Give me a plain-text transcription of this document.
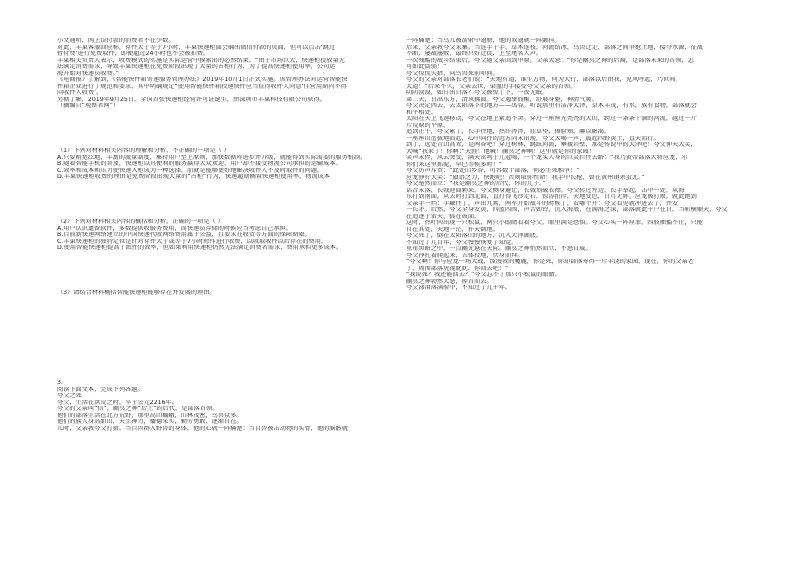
小文通明，网上误付款的消费者不在少数。

对此，丰巢客服回应称，存件大于等于7小时，丰巢快递柜面会确出微信付款的页面，但可以点击‘跳过

暂付费’进行免费取件，即便超过24小时也不会被扣费。

丰巢相关负责人表示，收费模式的实施是实际运营中摸索出的必然结果。“由于市场巨大，快递柜投放量无

法满足消费需求，导致丰巢快递柜在免费阶段出现了大量的占柜行为，为了提高快递柜使用率，公司运

海开始对快递员收费。”

《电商报》了解到，《智能快件箱寄递服务管理办法》2019年10月1日正式实施。该管理办法对运营智能快

件箱企业进行了规范和要求，其中明确规定“使用智能快件箱投递快件应当征得收件人同意‘佳营用期内不得

向收件人收费’。

另据了解，2019年9月25日，全国首张快递柜经营许可证诞生，由深圳市丰巢科技有限公司获得。

（摘编自“观察者网”）

（1）下列对材料相关内容的理解和分析，不正确的一项是（ ）

A.只要稍宽泛地，丰富的流量制度，集持用户至上原则，加快数据库进步并升级，就能得到实际需要的服务机制。

B.随着智能手机的普及，快递柜以其便利的服务赢得大众欢迎，用户却不接受物流公司承担的运输成本。

C.效率和成本和压力使快递入柜成为一种选择，而就是能够更好地解决收件人不及时取件的问题。

D.丰巢快递柜收费的理由是免费阶段出现大量的“占柜”行为，快递超期搁置快递柜使用率，物流成本

（2）下列对材料相关内容的概括和分析，正确的一项是（ ）

A.用户认识遗留软件，多数提供收服务费用，而快递员存储的时候应当考虑自己承担。

B.目前新快递网络建立的中国快递代收网络费用属于公益，且要求在收货等方面的保障期限。

C.丰巢快递柜的独特定位是针对存件大于或等于7小时时作进行收费，以收取收件以后存在的费用。

D.使用智能快递柜提高了派件的效率，但如果利用快递柜仍然无法满足消费者需求，费用承担更多成本。

（3）请结合材料概括智能快递柜能够存在并发展的理由。

3.

阅读下面文本，完成下列各题。

夸父之死

夸父，生活在洪荒之时，卒于公元2216年。

夸父的父亲叫“信”，幽冥之神“后土”的后代，是部落首领。

他们的部落生活在北方荒野，那里高山巍峨，山林茂密，鸟兽众多。

他们的族人身高如山，天生神力，播德采实，勤劳勇敢，逐渐自在。

儿时，父亲教夸父打猎。当百兽群入野兽的身体，他的心就一阵痛楚：当百兽被击动物的头骨，他的脑骸就

一阵痛楚；当乌儿被箭射中翅膀，他的双翅就一阵颤抖。

后来，父亲教夸父采集。当连手于手，草木连枝，河流结冰，鸟兽迁走，部落之间争抢土地，接夺水源，征战

不断，屡战屡败，最终只好迁徙，上至尾名人声。

一次残酷的战斗结束后，夸父随父亲回到中原。父亲大怒：“你是幽冥之神的后裔，是部落未来的首领，怎

可如此懦弱！”

夸父惊慌失措，向鸟兽死前叩问。

夸父的父亲对部落长老们说：“天地有道，谁生万物，何为大行，部落以后由我，见风呼起，乃世间

大道！”后来不久，父亲去世，染血的手接受夸父父亲的首领。

阴阴淡漠，如日出日落？夸父被惊了下，一夜无眠。

第二天，日出东方，清风拂面。夸父遇挚而醒，舒展身躯，神清气爽。

夸父决定西去，去太阳落下的地方——禺谷。听说那里有洁净大泽，草木丰茂，有水，族有食物，部落就会

和平相处。

太阳在天上飞速移动，夸父在地上紧追不舍。穿过一座座光秃秃的大山，跨过一条条干涸的河流，越过一片

片荒原的平原。

追到正午，夸父累了，长手往地，热汗涔涔，挂草垫，擦脸颊，聊以解渴。

一座座山峦拔地而起，心中向往的远方尚未出现，夸父大喝一声，震起四野黄土，直天而行。

到了，远处青山高耸，是两谷吧！穿过树林，跳跃河流，攀援岩壁，那是传说中的大泽吧！夸父伸天大笑，

大喊“我来了！你啊；”天涯！他喊！幽冥之神啊！这里就是你的家园！

笑声未停，风云突变，满天雷鸣于兀冠喝，一个龙头人身的巨灵拦住去路：“我乃黄帝部落大将应龙，尔

你们来这里抓泥，早已等候多时！”

夸父厉声斥责：“此处山乡谷，可容数十部落，何必生死相争！”

应龙狰狞大笑：“旗语之力，快跑吧！否则取你性命！我手中长枪，曾在黄州镇杀蚩尤。”

夸父毫然而立：“我是幽冥之神的后代，你的几子。”

话音未落，长戟迎面刺来，夸父侧身避让，长戟划破衣襟。夸父转过左边，长手举起，击中一处，从海

东打到南面，从去时打到北面，直打得飞沙走石，惊涛拍岸，天地变色，日月无辉。应龙被打败，就此跑到

父亲手一挡：手藏住了，声出九霄，两军开始战斗的时候了，看哪个开：夸父看见就冲进去了，并发

一长矛。后然，夸父全身发黄，四蓝四围，声音如铃，沉入海底，在满海之深，部落就此千户在日，当斩横顺天，夸父

在追逐于雷天，擂在鼓面。

这时，热叶间出现一只松鼠，两只小眼睛看着夸父，眼里满是恐惧。夸父心头一阵痉挛，四肢抽搐不止，只能

目在其处，天地一茫，扑天倒地。

夸父死了，倒在太阳落山的地方，沉入大泽湖底。

不知过了几百年，夸父慢慢恢复了知觉。

重重黑暗之中，一点幽光悬在天际。幽冥之神悄然而立，不怒自威。

夸父挣扎着爬起来，五体投地，伏身而拜。

“夸父啊！你与应龙一场大战，泼漫我的魔鹿，你是死，你却部落寿得一片丰饶的家园，现在，你的父亲老

了，周围部落虎视眈眈，你回去吧！”

“我说死？我还能回去？”夸父忘不了那只小松鼠的眼睛。

幽冥之神勃然大怒，掉首而去。

夸父涕泪落满脸中，不知过了几千年。
